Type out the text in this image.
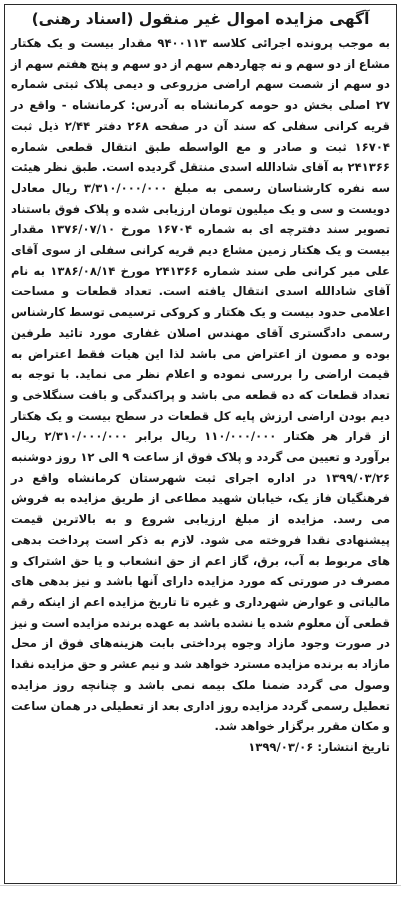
آگهی مزایده اموال غیر منقول (اسناد رهنی)

به موجب پرونده اجرائی کلاسه ۹۴۰۰۱۱۳ مقدار بیست و یک هکتار مشاع از دو سهم و نه چهاردهم سهم از دو سهم و پنج هفتم سهم از دو سهم از شصت سهم اراضی مزروعی و دیمی پلاک ثبتی شماره ۲۷ اصلی بخش دو حومه کرمانشاه به آدرس: کرمانشاه - واقع در قریه کرانی سفلی که سند آن در صفحه ۲۶۸ دفتر ۲/۴۴ ذیل ثبت ۱۶۷۰۴ ثبت و صادر و مع الواسطه طبق انتقال قطعی شماره ۲۴۱۳۶۶ به آقای شادالله اسدی منتقل گردیده است. طبق نظر هیئت سه نفره کارشناسان رسمی به مبلغ ۳/۳۱۰/۰۰۰/۰۰۰ ریال معادل دویست و سی و یک میلیون تومان ارزیابی شده و پلاک فوق باستناد تصویر سند دفترچه ای به شماره ۱۶۷۰۴ مورخ ۱۳۷۶/۰۷/۱۰ مقدار بیست و یک هکتار زمین مشاع دیم قریه کرانی سفلی از سوی آقای علی میر کرانی طی سند شماره ۲۴۱۳۶۶ مورخ ۱۳۸۶/۰۸/۱۴ به نام آقای شادالله اسدی انتقال یافته است. تعداد قطعات و مساحت اعلامی حدود بیست و یک هکتار و کروکی ترسیمی توسط کارشناس رسمی دادگستری آقای مهندس اصلان غفاری مورد تائید طرفین بوده و مصون از اعتراض می باشد لذا این هیات فقط اعتراض به قیمت اراضی را بررسی نموده و اعلام نظر می نماید. با توجه به تعداد قطعات که ده قطعه می باشد و پراکندگی و بافت سنگلاخی و دیم بودن اراضی ارزش پایه کل قطعات در سطح بیست و یک هکتار از قرار هر هکتار ۱۱۰/۰۰۰/۰۰۰ ریال برابر ۲/۳۱۰/۰۰۰/۰۰۰ ریال برآورد و تعیین می گردد و پلاک فوق از ساعت ۹ الی ۱۲ روز دوشنبه ۱۳۹۹/۰۳/۲۶ در اداره اجرای ثبت شهرستان کرمانشاه واقع در فرهنگیان فاز یک، خیابان شهید مطاعی از طریق مزایده به فروش می رسد. مزایده از مبلغ ارزیابی شروع و به بالاترین قیمت پیشنهادی نقدا فروخته می شود. لازم به ذکر است پرداخت بدهی های مربوط به آب، برق، گاز اعم از حق انشعاب و یا حق اشتراک و مصرف در صورتی که مورد مزایده دارای آنها باشد و نیز بدهی های مالیاتی و عوارض شهرداری و غیره تا تاریخ مزایده اعم از اینکه رقم قطعی آن معلوم شده یا نشده باشد به عهده برنده مزایده است و نیز در صورت وجود مازاد وجوه پرداختی بابت هزینه‌های فوق از محل مازاد به برنده مزایده مسترد خواهد شد و نیم عشر و حق مزایده نقدا وصول می گردد ضمنا ملک بیمه نمی باشد و چنانچه روز مزایده تعطیل رسمی گردد مزایده روز اداری بعد از تعطیلی در همان ساعت و مکان مقرر برگزار خواهد شد.

تاریخ انتشار: ۱۳۹۹/۰۳/۰۶
